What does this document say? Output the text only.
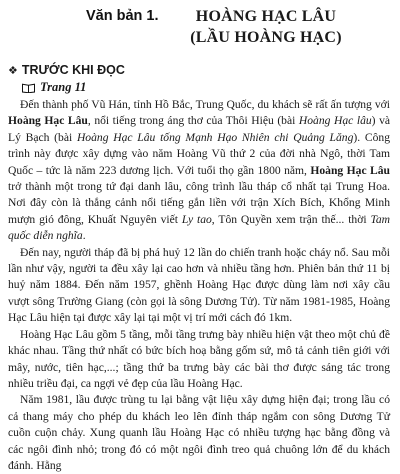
Văn bản 1.	HOÀNG HẠC LÂU
(LẦU HOÀNG HẠC)
❖ TRƯỚC KHI ĐỌC
Trang 11

Đến thành phố Vũ Hán, tỉnh Hồ Bắc, Trung Quốc, du khách sẽ rất ấn tượng với Hoàng Hạc Lâu, nổi tiếng trong áng thơ của Thôi Hiệu (bài Hoàng Hạc lâu) và Lý Bạch (bài Hoàng Hạc Lâu tống Mạnh Hạo Nhiên chi Quảng Lăng). Công trình này được xây dựng vào năm Hoàng Vũ thứ 2 của đời nhà Ngô, thời Tam Quốc – tức là năm 223 dương lịch. Với tuổi thọ gần 1800 năm, Hoàng Hạc Lâu trở thành một trong tứ đại danh lâu, công trình lầu tháp cổ nhất tại Trung Hoa. Nơi đây còn là thắng cảnh nổi tiếng gắn liền với trận Xích Bích, Khổng Minh mượn gió đông, Khuất Nguyên viết Ly tao, Tôn Quyền xem trận thế... thời Tam quốc diễn nghĩa.

Đến nay, người tháp đã bị phá huỷ 12 lần do chiến tranh hoặc cháy nổ. Sau mỗi lần như vậy, người ta đều xây lại cao hơn và nhiều tầng hơn. Phiên bản thứ 11 bị huỷ năm 1884. Đến năm 1957, ghềnh Hoàng Hạc được dùng làm nơi xây cầu vượt sông Trường Giang (còn gọi là sông Dương Tử). Từ năm 1981-1985, Hoàng Hạc Lâu hiện tại được xây lại tại một vị trí mới cách đó 1km.

Hoàng Hạc Lâu gồm 5 tầng, mỗi tầng trưng bày nhiều hiện vật theo một chủ đề khác nhau. Tầng thứ nhất có bức bích hoạ bằng gốm sứ, mô tả cảnh tiên giới với mây, nước, tiên hạc,...; tầng thứ ba trưng bày các bài thơ được sáng tác trong nhiều triều đại, ca ngợi vẻ đẹp của lầu Hoàng Hạc.

Năm 1981, lầu được trùng tu lại bằng vật liệu xây dựng hiện đại; trong lầu có cả thang máy cho phép du khách leo lên đỉnh tháp ngắm con sông Dương Tử cuồn cuộn chảy. Xung quanh lầu Hoàng Hạc có nhiều tượng hạc bằng đồng và các ngôi đình nhỏ; trong đó có một ngôi đình treo quả chuông lớn để du khách đánh. Hằng
